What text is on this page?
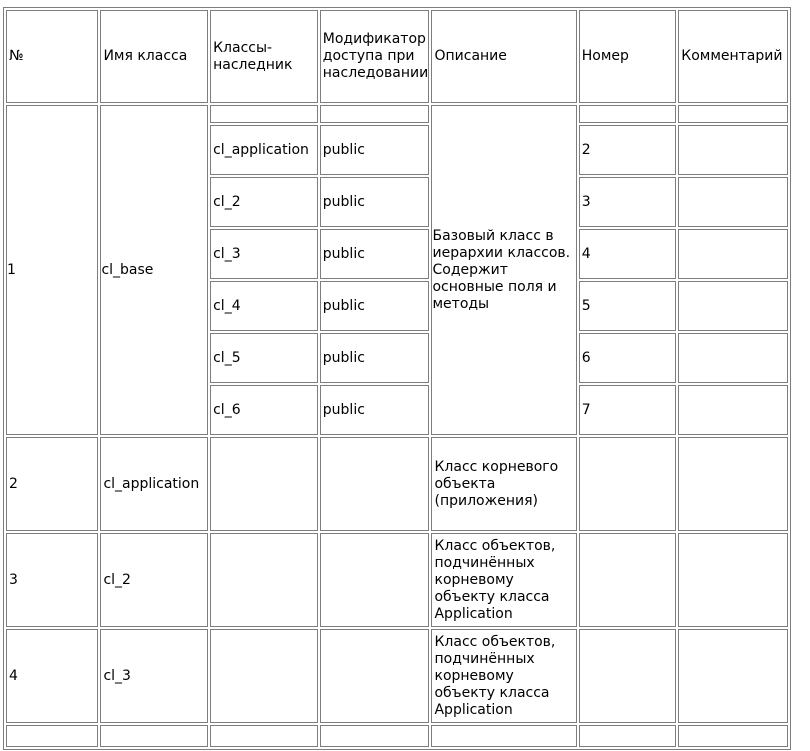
№	Имя класса	Классы-наследник	Модификатор доступа при наследовании	Описание	Номер	Комментарий
1	cl_base			Базовый класс в иерархии классов. Содержит основные поля и методы		
		cl_application	public		2	
		cl_2	public		3	
		cl_3	public		4	
		cl_4	public		5	
		cl_5	public		6	
		cl_6	public		7	
2	cl_application			Класс корневого объекта (приложения)		
3	cl_2			Класс объектов, подчинённых корневому объекту класса Application		
4	cl_3			Класс объектов, подчинённых корневому объекту класса Application		
